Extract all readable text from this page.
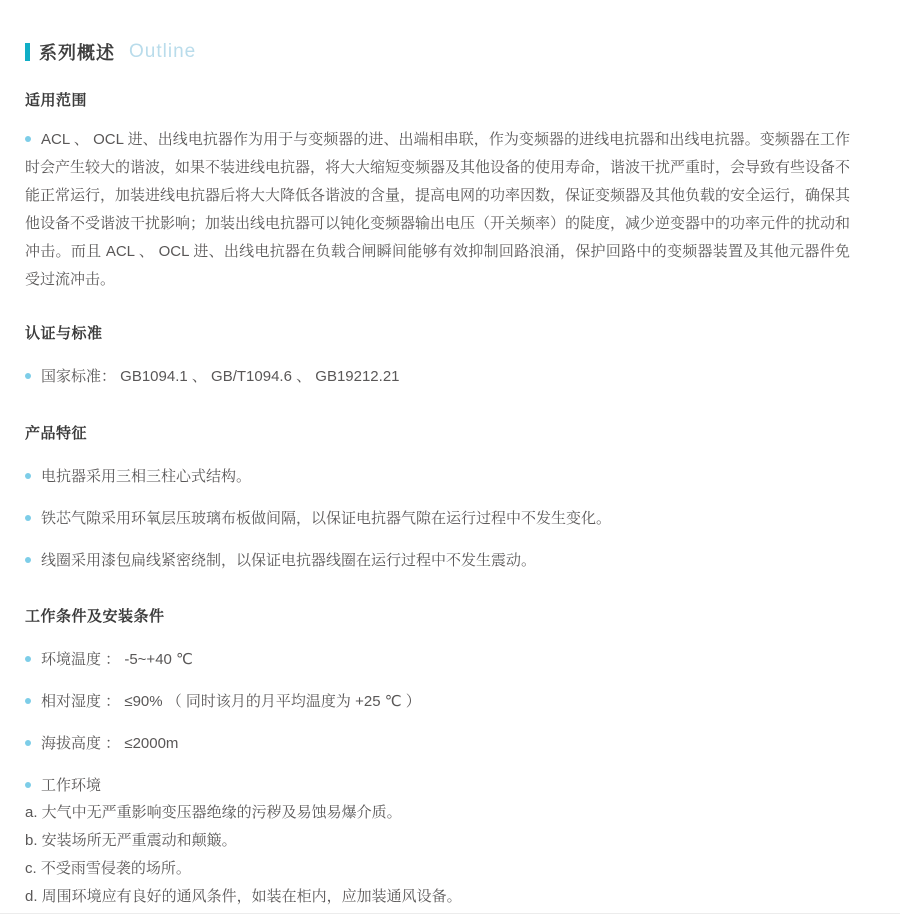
系列概述 Outline
适用范围

ACL 、 OCL 进、出线电抗器作为用于与变频器的进、出端相串联，作为变频器的进线电抗器和出线电抗器。变频器在工作时会产生较大的谐波，如果不装进线电抗器，将大大缩短变频器及其他设备的使用寿命，谐波干扰严重时，会导致有些设备不能正常运行，加装进线电抗器后将大大降低各谐波的含量，提高电网的功率因数，保证变频器及其他负载的安全运行，确保其他设备不受谐波干扰影响；加装出线电抗器可以钝化变频器输出电压（开关频率）的陡度，减少逆变器中的功率元件的扰动和冲击。而且 ACL 、 OCL 进、出线电抗器在负载合闸瞬间能够有效抑制回路浪涌，保护回路中的变频器装置及其他元器件免受过流冲击。

认证与标准
国家标准： GB1094.1 、 GB/T1094.6 、 GB19212.21
产品特征
电抗器采用三相三柱心式结构。
铁芯气隙采用环氧层压玻璃布板做间隔，以保证电抗器气隙在运行过程中不发生变化。
线圈采用漆包扁线紧密绕制，以保证电抗器线圈在运行过程中不发生震动。
工作条件及安装条件
环境温度 ： -5~+40 ℃
相对湿度 ： ≤90% （ 同时该月的月平均温度为 +25 ℃ ）
海拔高度 ： ≤2000m
工作环境
a. 大气中无严重影响变压器绝缘的污秽及易蚀易爆介质。
b. 安装场所无严重震动和颠簸。
c. 不受雨雪侵袭的场所。
d. 周围环境应有良好的通风条件，如装在柜内，应加装通风设备。
